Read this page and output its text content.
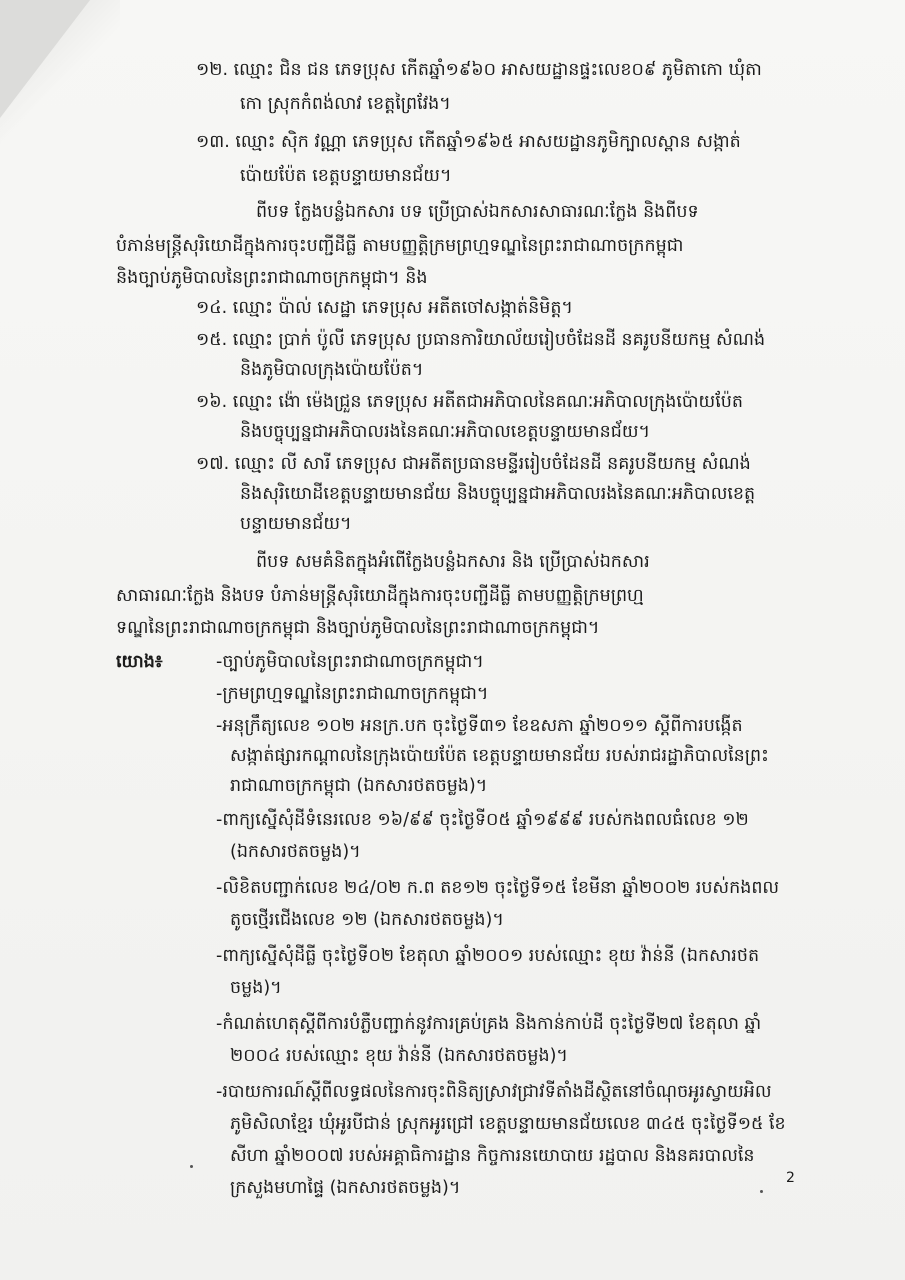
១២. ឈ្មោះ ជិន ជន ភេទប្រុស កើតឆ្នាំ១៩៦០ អាសយដ្ឋានផ្ទះលេខ០៩ ភូមិតាកោ ឃុំតា
កោ ស្រុកកំពង់លាវ ខេត្តព្រៃវែង។
១៣. ឈ្មោះ ស៊ិក វណ្ណា ភេទប្រុស កើតឆ្នាំ១៩៦៥ អាសយដ្ឋានភូមិក្បាលស្ពាន សង្កាត់
ប៉ោយប៉ែត ខេត្តបន្ទាយមានជ័យ។
ពីបទ ក្លែងបន្លំឯកសារ បទ ប្រើប្រាស់ឯកសារសាធារណៈក្លែង និងពីបទ
បំភាន់មន្ត្រីសុរិយោដីក្នុងការចុះបញ្ជីដីធ្លី តាមបញ្ញត្តិក្រមព្រហ្មទណ្ឌនៃព្រះរាជាណាចក្រកម្ពុជា
និងច្បាប់ភូមិបាលនៃព្រះរាជាណាចក្រកម្ពុជា។ និង
១៤. ឈ្មោះ ប៉ាល់ សេដ្ឋា ភេទប្រុស អតីតចៅសង្កាត់និមិត្ត។
១៥. ឈ្មោះ ប្រាក់ ប៉ូលី ភេទប្រុស ប្រធានការិយាល័យរៀបចំដែនដី នគរូបនីយកម្ម សំណង់
និងភូមិបាលក្រុងប៉ោយប៉ែត។
១៦. ឈ្មោះ ង៉ោ ម៉េងជ្រួន ភេទប្រុស អតីតជាអភិបាលនៃគណៈអភិបាលក្រុងប៉ោយប៉ែត
និងបច្ចុប្បន្នជាអភិបាលរងនៃគណៈអភិបាលខេត្តបន្ទាយមានជ័យ។
១៧. ឈ្មោះ លី សារី ភេទប្រុស ជាអតីតប្រធានមន្ទីររៀបចំដែនដី នគរូបនីយកម្ម សំណង់
និងសុរិយោដីខេត្តបន្ទាយមានជ័យ និងបច្ចុប្បន្នជាអភិបាលរងនៃគណៈអភិបាលខេត្ត
បន្ទាយមានជ័យ។
ពីបទ សមគំនិតក្នុងអំពើក្លែងបន្លំឯកសារ និង ប្រើប្រាស់ឯកសារ
សាធារណៈក្លែង និងបទ បំភាន់មន្ត្រីសុរិយោដីក្នុងការចុះបញ្ជីដីធ្លី តាមបញ្ញត្តិក្រមព្រហ្ម
ទណ្ឌនៃព្រះរាជាណាចក្រកម្ពុជា និងច្បាប់ភូមិបាលនៃព្រះរាជាណាចក្រកម្ពុជា។
យោង៖	-ច្បាប់ភូមិបាលនៃព្រះរាជាណាចក្រកម្ពុជា។
-ក្រមព្រហ្មទណ្ឌនៃព្រះរាជាណាចក្រកម្ពុជា។
-អនុក្រឹត្យលេខ ១០២ អនក្រ.បក ចុះថ្ងៃទី៣១ ខែឧសភា ឆ្នាំ២០១១ ស្តីពីការបង្កើត
សង្កាត់ផ្សារកណ្តាលនៃក្រុងប៉ោយប៉ែត ខេត្តបន្ទាយមានជ័យ របស់រាជរដ្ឋាភិបាលនៃព្រះ
រាជាណាចក្រកម្ពុជា (ឯកសារថតចម្លង)។
-ពាក្យស្នើសុំដីទំនេរលេខ ១៦/៩៩ ចុះថ្ងៃទី០៥ ឆ្នាំ១៩៩៩ របស់កងពលធំលេខ ១២
(ឯកសារថតចម្លង)។
-លិខិតបញ្ជាក់លេខ ២៤/០២ ក.ព តខ១២ ចុះថ្ងៃទី១៥ ខែមីនា ឆ្នាំ២០០២ របស់កងពល
តូចថ្មើរជើងលេខ ១២ (ឯកសារថតចម្លង)។
-ពាក្យស្នើសុំដីធ្លី ចុះថ្ងៃទី០២ ខែតុលា ឆ្នាំ២០០១ របស់ឈ្មោះ ខុយ វ៉ាន់នី (ឯកសារថត
ចម្លង)។
-កំណត់ហេតុស្តីពីការបំភ្លឺបញ្ជាក់នូវការគ្រប់គ្រង និងកាន់កាប់ដី ចុះថ្ងៃទី២៧ ខែតុលា ឆ្នាំ
២០០៤ របស់ឈ្មោះ ខុយ វ៉ាន់នី (ឯកសារថតចម្លង)។
-របាយការណ៍ស្តីពីលទ្ធផលនៃការចុះពិនិត្យស្រាវជ្រាវទីតាំងដីស្ថិតនៅចំណុចអូរស្វាយអិល
ភូមិសិលាខ្មែរ ឃុំអូរបីជាន់ ស្រុកអូរជ្រៅ ខេត្តបន្ទាយមានជ័យលេខ ៣៤៥ ចុះថ្ងៃទី១៥ ខែ
សីហា ឆ្នាំ២០០៧ របស់អគ្គាធិការដ្ឋាន កិច្ចការនយោបាយ រដ្ឋបាល និងនគរបាលនៃ
ក្រសួងមហាផ្ទៃ (ឯកសារថតចម្លង)។	2
